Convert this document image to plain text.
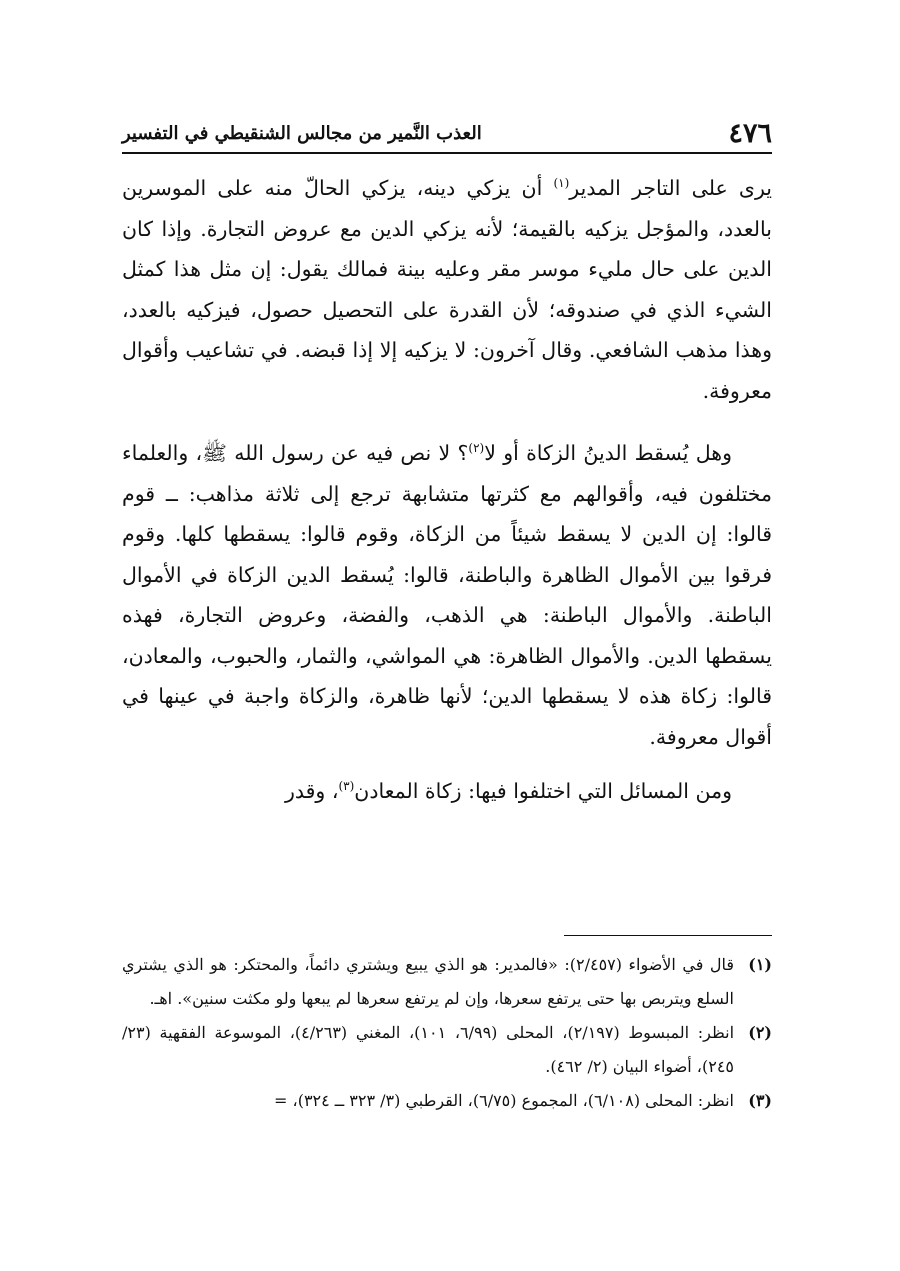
٤٧٦
العذب النَّمير من مجالس الشنقيطي في التفسير

يرى على التاجر المدير$^{(١)}$ أن يزكي دينه، يزكي الحالّ منه على الموسرين بالعدد، والمؤجل يزكيه بالقيمة؛ لأنه يزكي الدين مع عروض التجارة. وإذا كان الدين على حال مليء موسر مقر وعليه بينة فمالك يقول: إن مثل هذا كمثل الشيء الذي في صندوقه؛ لأن القدرة على التحصيل حصول، فيزكيه بالعدد، وهذا مذهب الشافعي. وقال آخرون: لا يزكيه إلا إذا قبضه. في تشاعيب وأقوال معروفة.

وهل يُسقط الدينُ الزكاة أو لا$^{(٢)}$؟ لا نص فيه عن رسول الله ﷺ، والعلماء مختلفون فيه، وأقوالهم مع كثرتها متشابهة ترجع إلى ثلاثة مذاهب: ــ قوم قالوا: إن الدين لا يسقط شيئاً من الزكاة، وقوم قالوا: يسقطها كلها. وقوم فرقوا بين الأموال الظاهرة والباطنة، قالوا: يُسقط الدين الزكاة في الأموال الباطنة. والأموال الباطنة: هي الذهب، والفضة، وعروض التجارة، فهذه يسقطها الدين. والأموال الظاهرة: هي المواشي، والثمار، والحبوب، والمعادن، قالوا: زكاة هذه لا يسقطها الدين؛ لأنها ظاهرة، والزكاة واجبة في عينها في أقوال معروفة.

ومن المسائل التي اختلفوا فيها: زكاة المعادن$^{(٣)}$، وقدر

(١)
قال في الأضواء (٢/٤٥٧): «فالمدير: هو الذي يبيع ويشتري دائماً، والمحتكر: هو الذي يشتري السلع ويتربص بها حتى يرتفع سعرها، وإن لم يرتفع سعرها لم يبعها ولو مكثت سنين». اهـ.
(٢)
انظر: المبسوط (٢/١٩٧)، المحلى (٦/٩٩، ١٠١)، المغني (٤/٢٦٣)، الموسوعة الفقهية (٢٣/ ٢٤٥)، أضواء البيان (٢/ ٤٦٢).
(٣)
انظر: المحلى (٦/١٠٨)، المجموع (٦/٧٥)، القرطبي (٣/ ٣٢٣ ــ ٣٢٤)، =
